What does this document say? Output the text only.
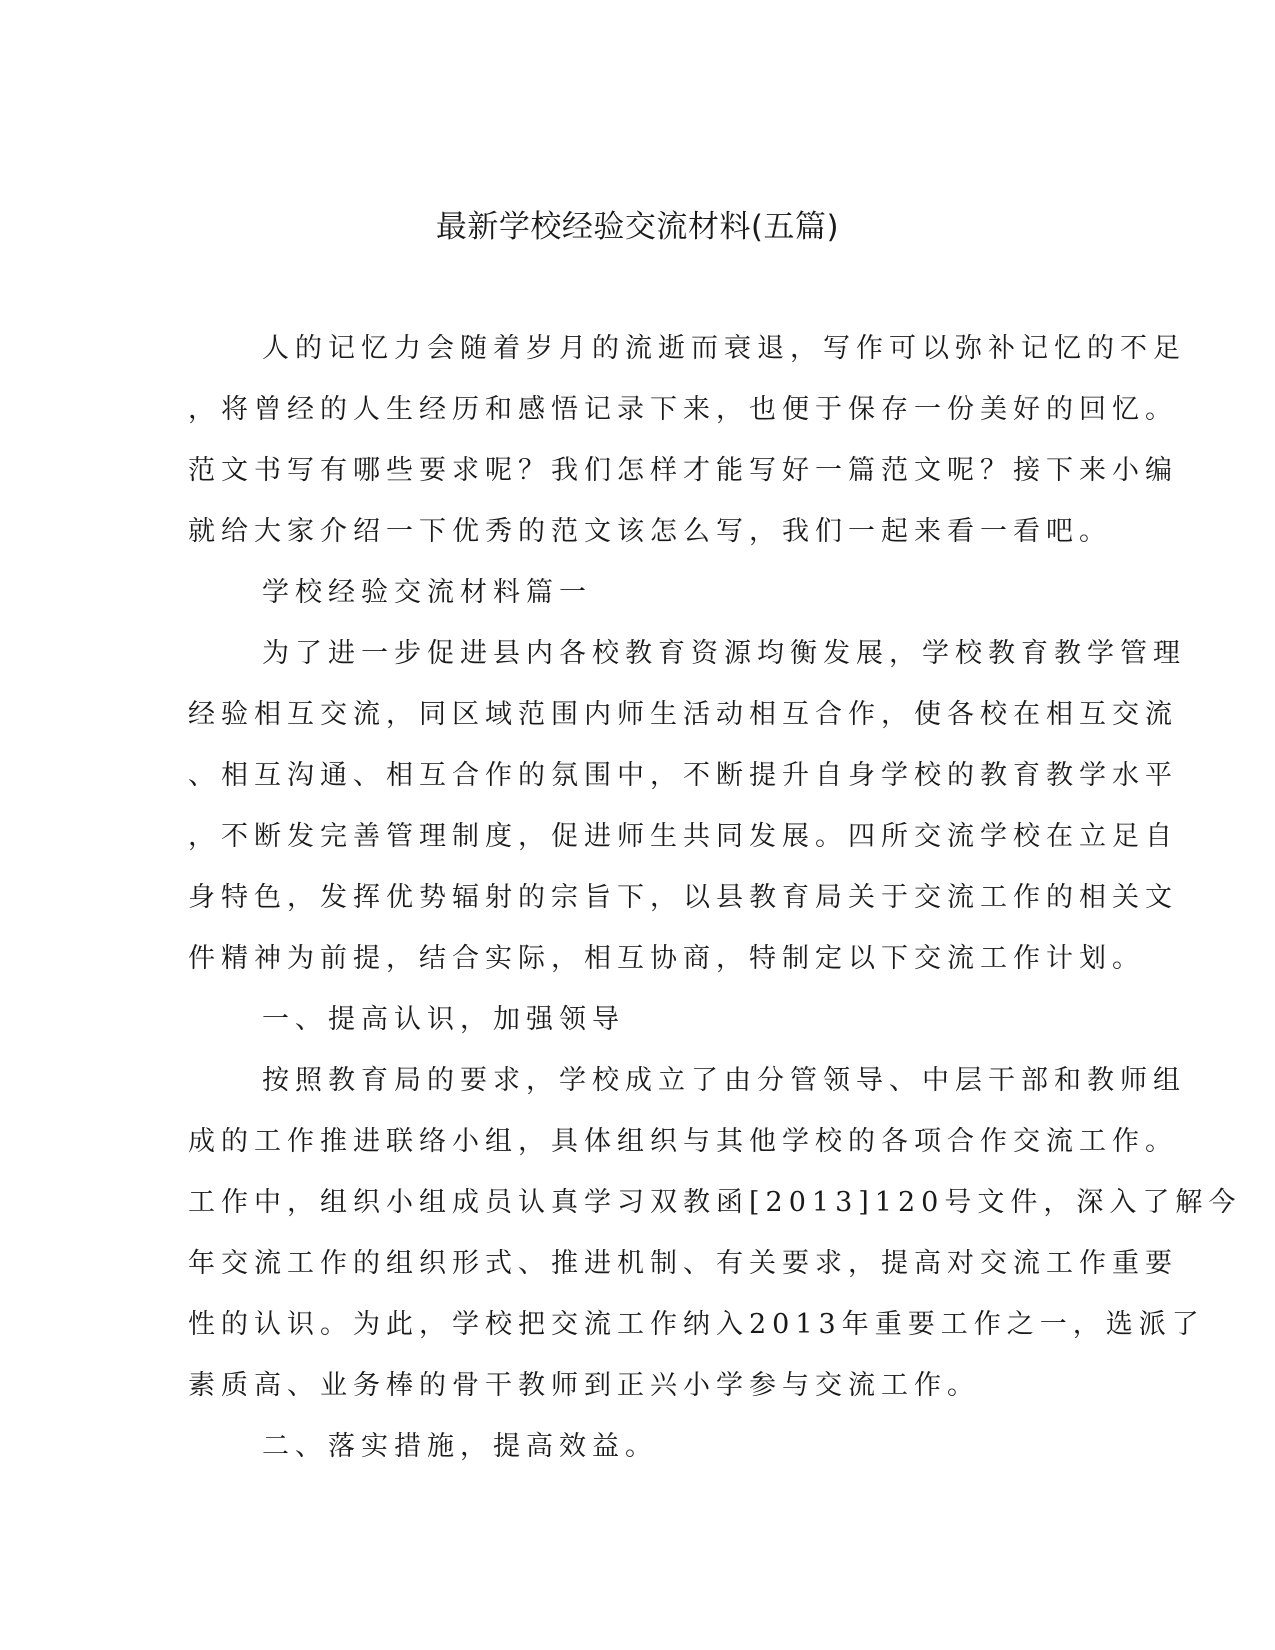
最新学校经验交流材料(五篇)
人的记忆力会随着岁月的流逝而衰退，写作可以弥补记忆的不足
，将曾经的人生经历和感悟记录下来，也便于保存一份美好的回忆。
范文书写有哪些要求呢？我们怎样才能写好一篇范文呢？接下来小编
就给大家介绍一下优秀的范文该怎么写，我们一起来看一看吧。
学校经验交流材料篇一
为了进一步促进县内各校教育资源均衡发展，学校教育教学管理
经验相互交流，同区域范围内师生活动相互合作，使各校在相互交流
、相互沟通、相互合作的氛围中，不断提升自身学校的教育教学水平
，不断发完善管理制度，促进师生共同发展。四所交流学校在立足自
身特色，发挥优势辐射的宗旨下，以县教育局关于交流工作的相关文
件精神为前提，结合实际，相互协商，特制定以下交流工作计划。
一、提高认识，加强领导
按照教育局的要求，学校成立了由分管领导、中层干部和教师组
成的工作推进联络小组，具体组织与其他学校的各项合作交流工作。
工作中，组织小组成员认真学习双教函[2013]120号文件，深入了解今
年交流工作的组织形式、推进机制、有关要求，提高对交流工作重要
性的认识。为此，学校把交流工作纳入2013年重要工作之一，选派了
素质高、业务棒的骨干教师到正兴小学参与交流工作。
二、落实措施，提高效益。
